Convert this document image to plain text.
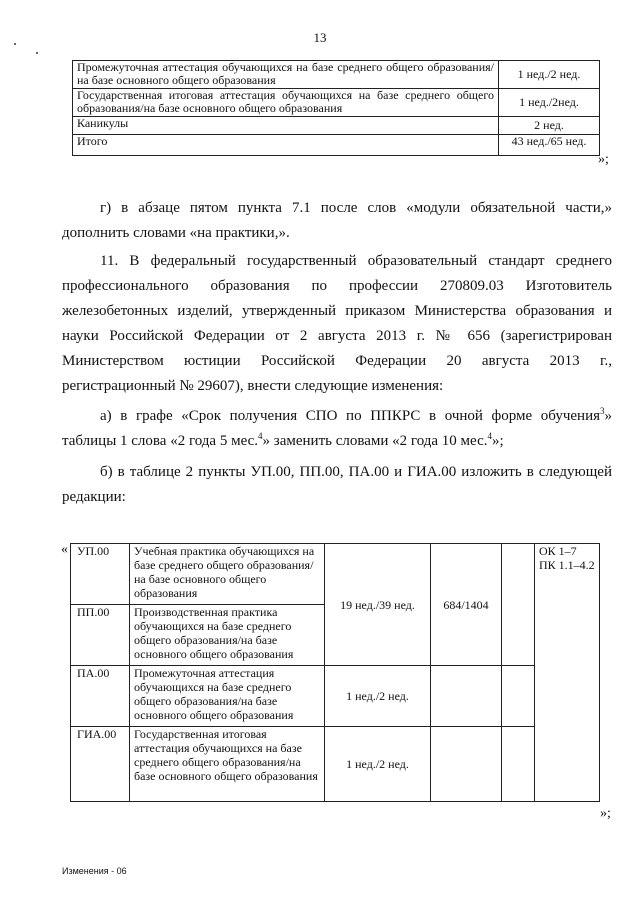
13
Промежуточная аттестация обучающихся на базе среднего общего образования/на базе основного общего образования	1 нед./2 нед.
Государственная итоговая аттестация обучающихся на базе среднего общего образования/на базе основного общего образования	1 нед./2нед.
Каникулы	2 нед.
Итого	43 нед./65 нед.
»;
г) в абзаце пятом пункта 7.1 после слов «модули обязательной части,» дополнить словами «на практики,».
11. В федеральный государственный образовательный стандарт среднего профессионального образования по профессии 270809.03 Изготовитель железобетонных изделий, утвержденный приказом Министерства образования и науки Российской Федерации от 2 августа 2013 г. № 656 (зарегистрирован Министерством юстиции Российской Федерации 20 августа 2013 г., регистрационный № 29607), внести следующие изменения:
а) в графе «Срок получения СПО по ППКРС в очной форме обучения$^3$» таблицы 1 слова «2 года 5 мес.$^4$» заменить словами «2 года 10 мес.$^4$»;
б) в таблице 2 пункты УП.00, ПП.00, ПА.00 и ГИА.00 изложить в следующей редакции:
« УП.00	Учебная практика обучающихся на базе среднего общего образования/на базе основного общего образования	19 нед./39 нед.	684/1404		ОК 1–7
ПК 1.1–4.2

ПП.00	Производственная практика обучающихся на базе среднего общего образования/на базе основного общего образования				
ПА.00	Промежуточная аттестация обучающихся на базе среднего общего образования/на базе основного общего образования	1 нед./2 нед.			
ГИА.00	Государственная итоговая аттестация обучающихся на базе среднего общего образования/на базе основного общего образования	1 нед./2 нед.			
»;
Изменения - 06
